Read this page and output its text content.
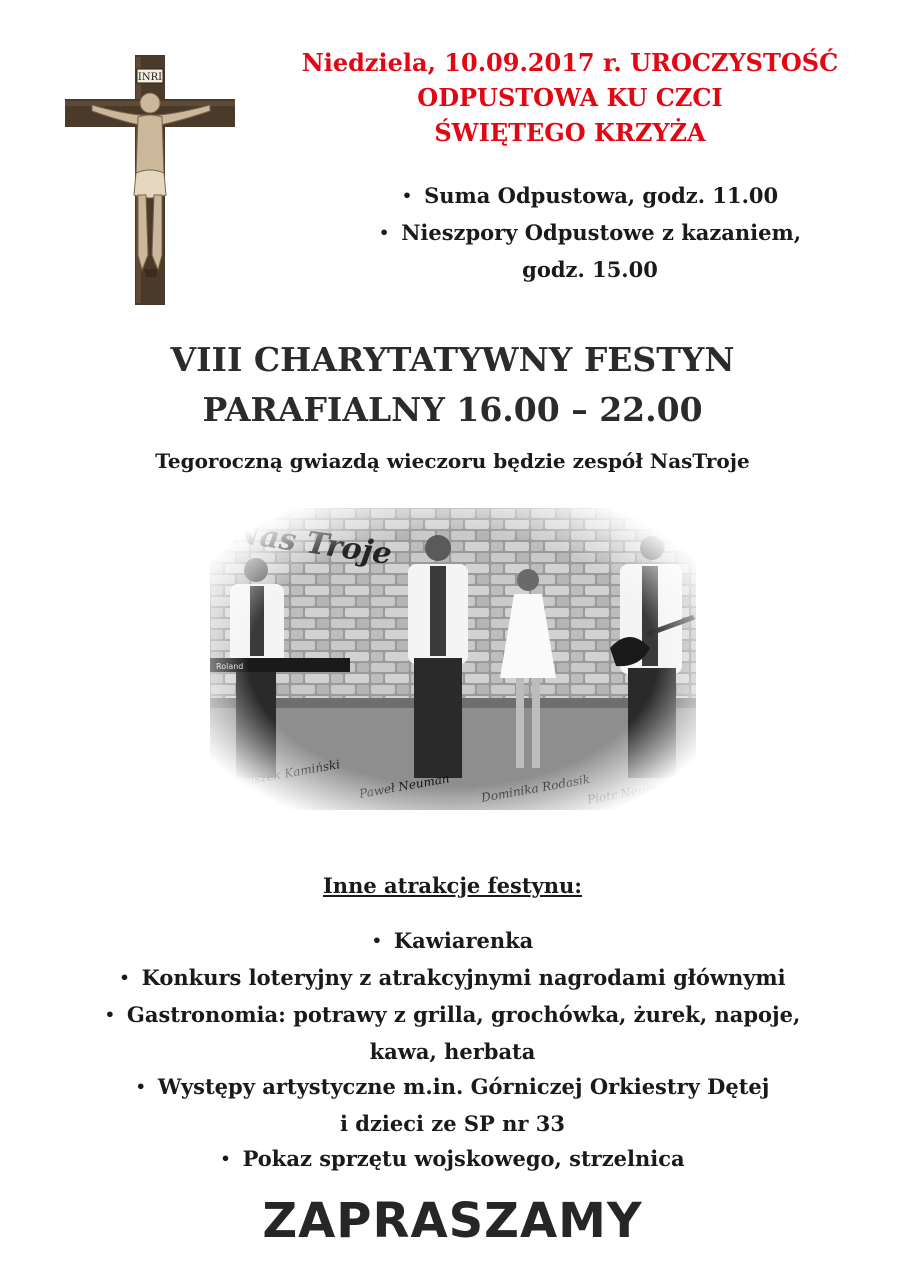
INRI
Niedziela, 10.09.2017 r. UROCZYSTOŚĆ
ODPUSTOWA KU CZCI
ŚWIĘTEGO KRZYŻA
• Suma Odpustowa, godz. 11.00
• Nieszpory Odpustowe z kazaniem,
godz. 15.00
VIII CHARYTATYWNY FESTYN
PARAFIALNY 16.00 – 22.00
Tegoroczną gwiazdą wieczoru będzie zespół NasTroje
Inne atrakcje festynu:
• Kawiarenka
• Konkurs loteryjny z atrakcyjnymi nagrodami głównymi
• Gastronomia: potrawy z grilla, grochówka, żurek, napoje,
kawa, herbata
• Występy artystyczne m.in. Górniczej Orkiestry Dętej
i dzieci ze SP nr 33
• Pokaz sprzętu wojskowego, strzelnica
ZAPRASZAMY
